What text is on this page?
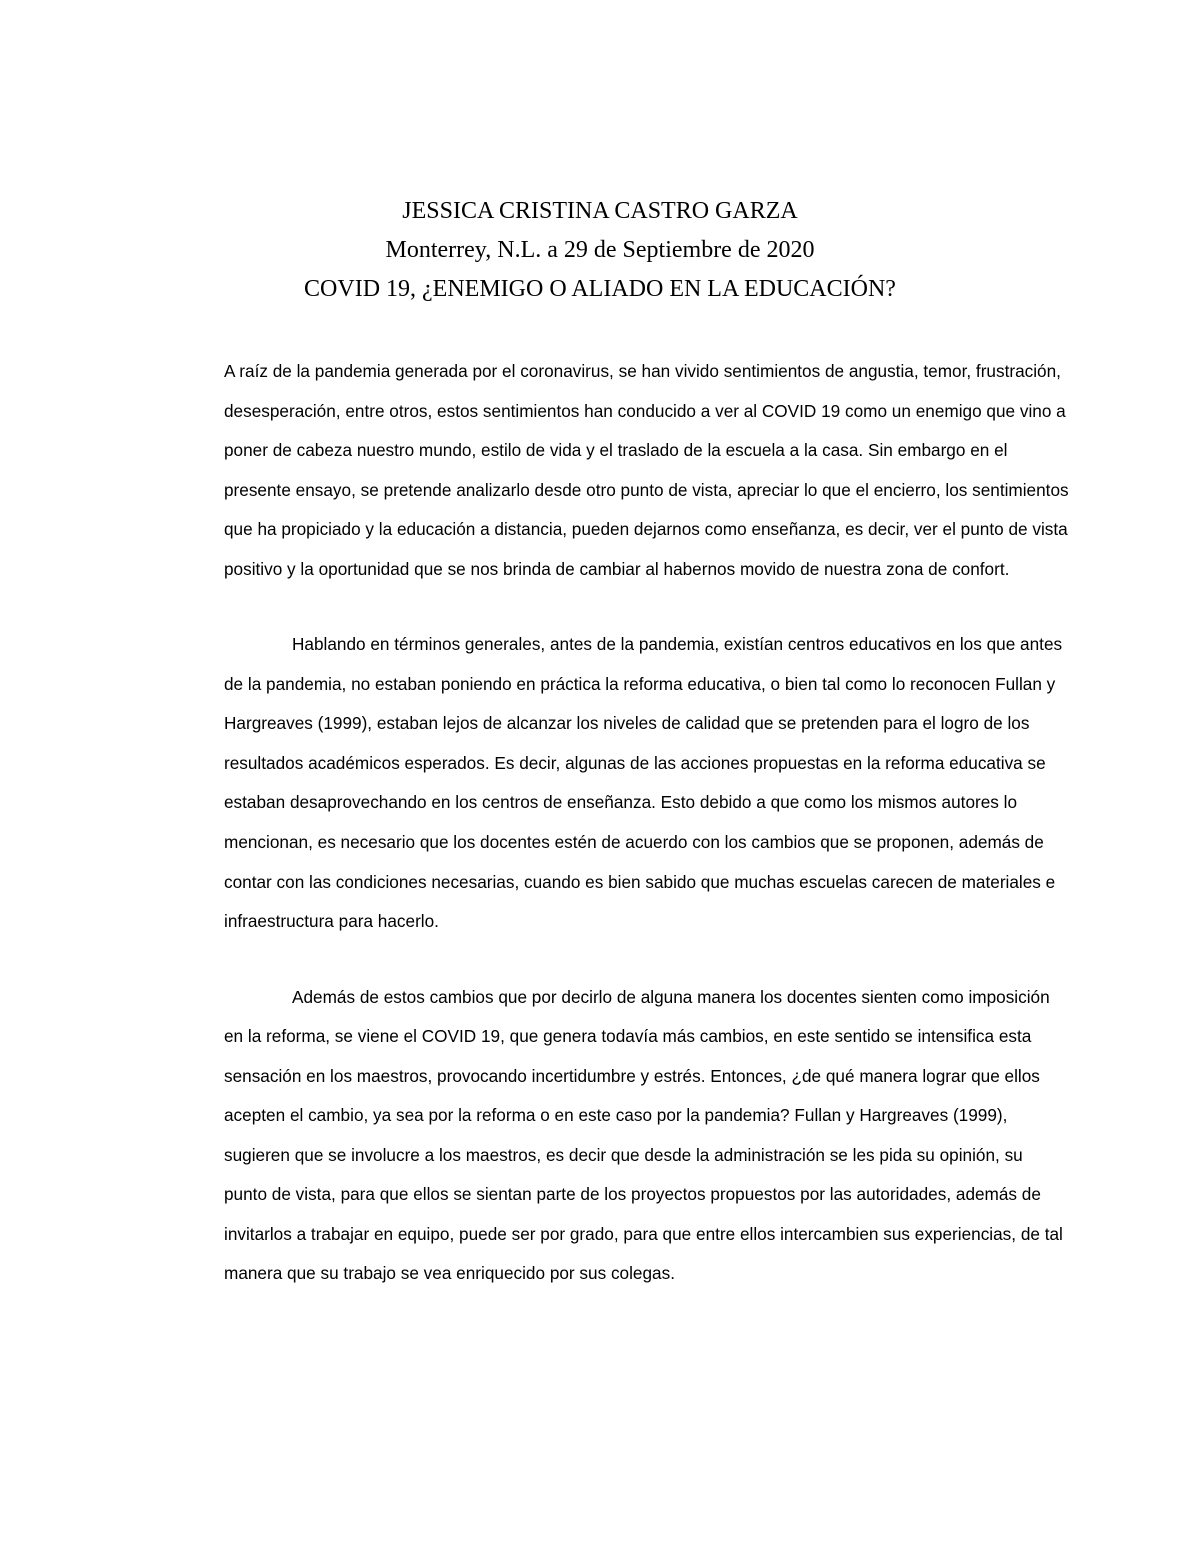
JESSICA CRISTINA CASTRO GARZA
Monterrey, N.L. a 29 de Septiembre de 2020
COVID 19, ¿ENEMIGO O ALIADO EN LA EDUCACIÓN?

A raíz de la pandemia generada por el coronavirus, se han vivido sentimientos de angustia, temor, frustración, desesperación, entre otros, estos sentimientos han conducido a ver al COVID 19 como un enemigo que vino a poner de cabeza nuestro mundo, estilo de vida y el traslado de la escuela a la casa. Sin embargo en el presente ensayo, se pretende analizarlo desde otro punto de vista, apreciar lo que el encierro, los sentimientos que ha propiciado y la educación a distancia, pueden dejarnos como enseñanza, es decir, ver el punto de vista positivo y la oportunidad que se nos brinda de cambiar al habernos movido de nuestra zona de confort.

Hablando en términos generales, antes de la pandemia, existían centros educativos en los que antes de la pandemia, no estaban poniendo en práctica la reforma educativa, o bien tal como lo reconocen Fullan y Hargreaves (1999), estaban lejos de alcanzar los niveles de calidad que se pretenden para el logro de los resultados académicos esperados. Es decir, algunas de las acciones propuestas en la reforma educativa se estaban desaprovechando en los centros de enseñanza. Esto debido a que como los mismos autores lo mencionan, es necesario que los docentes estén de acuerdo con los cambios que se proponen, además de contar con las condiciones necesarias, cuando es bien sabido que muchas escuelas carecen de materiales e infraestructura para hacerlo.

Además de estos cambios que por decirlo de alguna manera los docentes sienten como imposición en la reforma, se viene el COVID 19, que genera todavía más cambios, en este sentido se intensifica esta sensación en los maestros, provocando incertidumbre y estrés. Entonces, ¿de qué manera lograr que ellos acepten el cambio, ya sea por la reforma o en este caso por la pandemia? Fullan y Hargreaves (1999), sugieren que se involucre a los maestros, es decir que desde la administración se les pida su opinión, su punto de vista, para que ellos se sientan parte de los proyectos propuestos por las autoridades, además de invitarlos a trabajar en equipo, puede ser por grado, para que entre ellos intercambien sus experiencias, de tal manera que su trabajo se vea enriquecido por sus colegas.
